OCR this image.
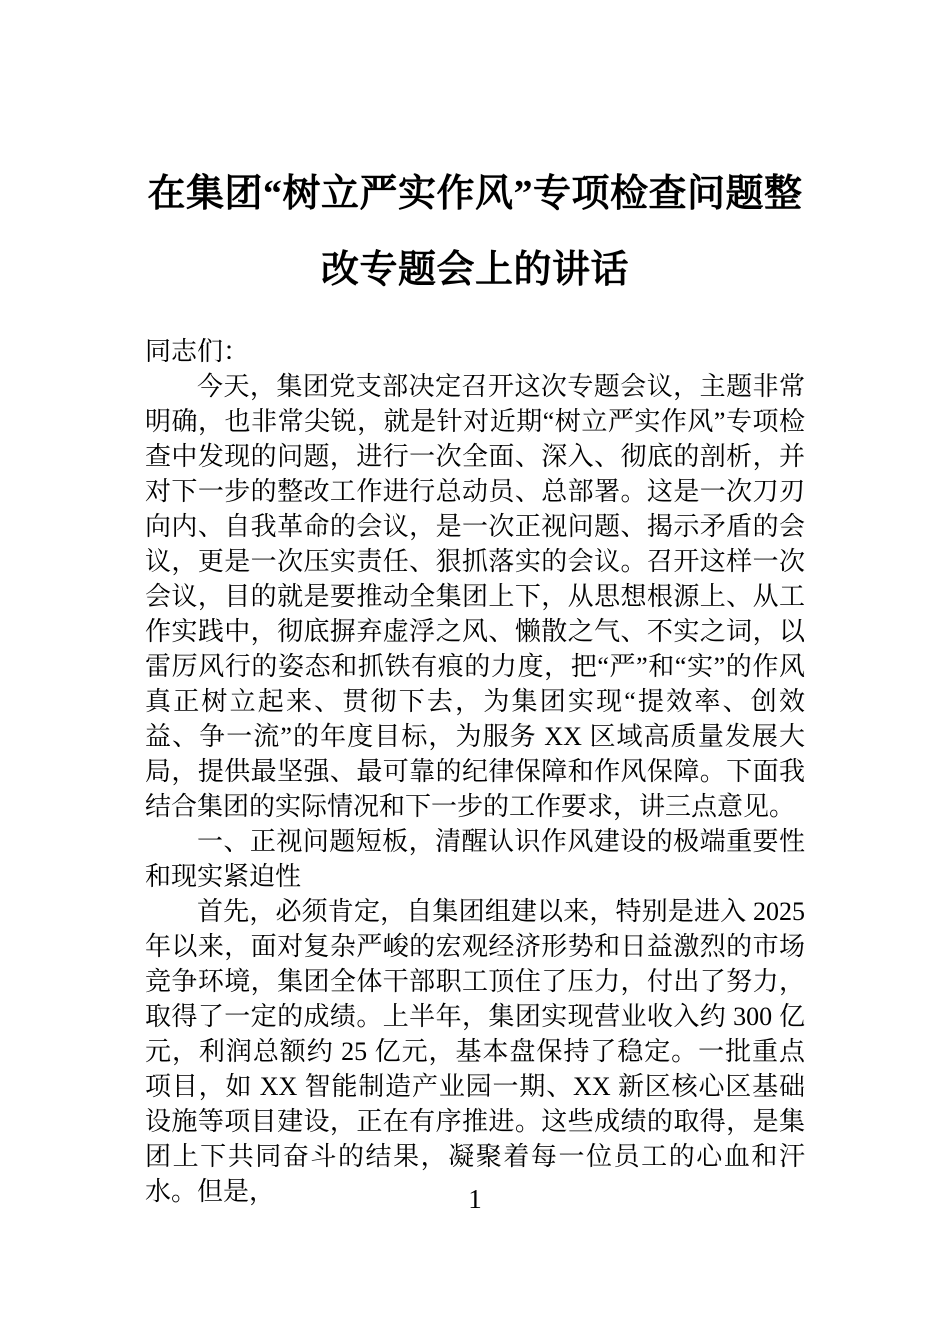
在集团“树立严实作风”专项检查问题整
改专题会上的讲话

同志们：

今天，集团党支部决定召开这次专题会议，主题非常明确，也非常尖锐，就是针对近期“树立严实作风”专项检查中发现的问题，进行一次全面、深入、彻底的剖析，并对下一步的整改工作进行总动员、总部署。这是一次刀刃向内、自我革命的会议，是一次正视问题、揭示矛盾的会议，更是一次压实责任、狠抓落实的会议。召开这样一次会议，目的就是要推动全集团上下，从思想根源上、从工作实践中，彻底摒弃虚浮之风、懒散之气、不实之词，以雷厉风行的姿态和抓铁有痕的力度，把“严”和“实”的作风真正树立起来、贯彻下去，为集团实现“提效率、创效益、争一流”的年度目标，为服务 XX 区域高质量发展大局，提供最坚强、最可靠的纪律保障和作风保障。下面我结合集团的实际情况和下一步的工作要求，讲三点意见。

一、正视问题短板，清醒认识作风建设的极端重要性和现实紧迫性

首先，必须肯定，自集团组建以来，特别是进入 2025 年以来，面对复杂严峻的宏观经济形势和日益激烈的市场竞争环境，集团全体干部职工顶住了压力，付出了努力，取得了一定的成绩。上半年，集团实现营业收入约 300 亿元，利润总额约 25 亿元，基本盘保持了稳定。一批重点项目，如 XX 智能制造产业园一期、XX 新区核心区基础设施等项目建设，正在有序推进。这些成绩的取得，是集团上下共同奋斗的结果，凝聚着每一位员工的心血和汗水。但是，	1
